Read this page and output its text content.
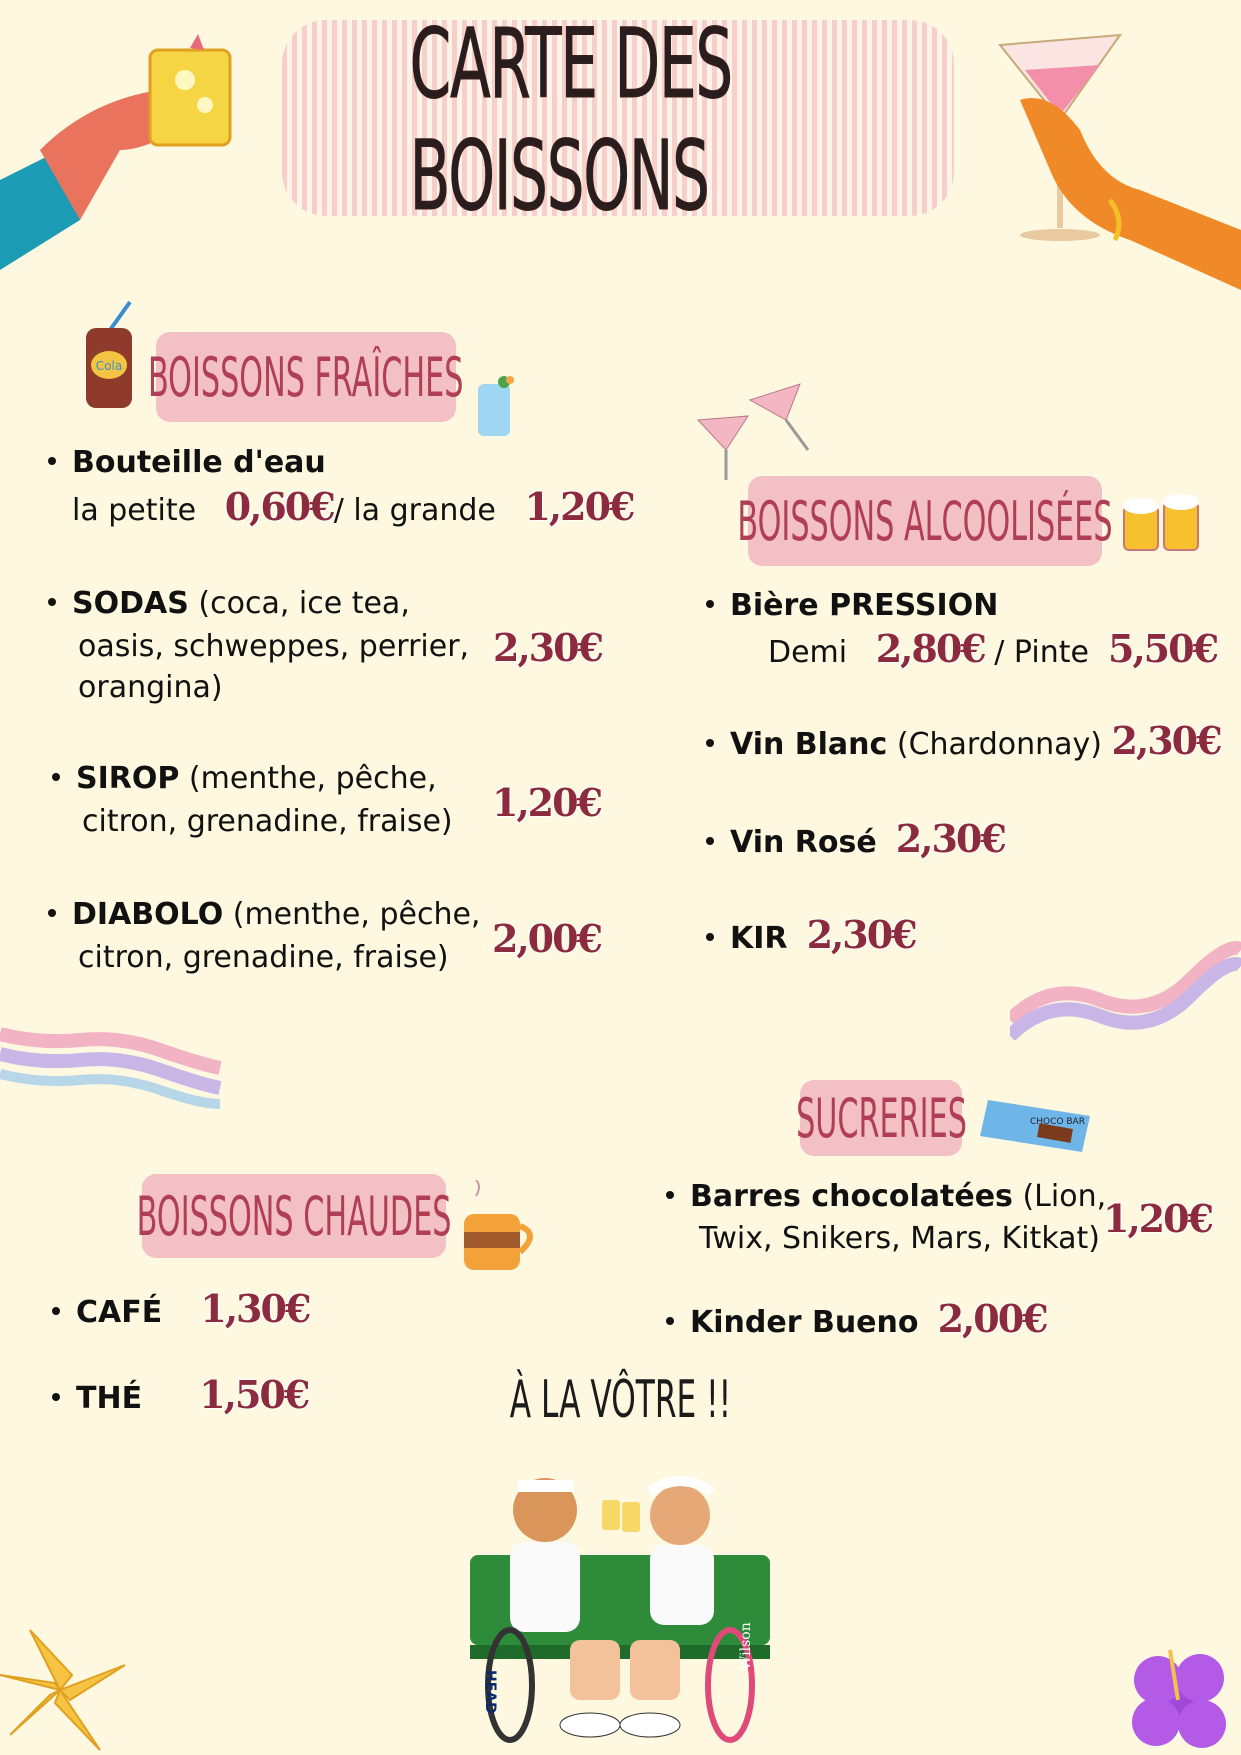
CARTE DES BOISSONS
Cola BOISSONS FRAÎCHES
Bouteille d'eau
la petite 0,60€/ la grande 1,20€
SODAS (coca, ice tea,
oasis, schweppes, perrier,
orangina)
2,30€
SIROP (menthe, pêche,
citron, grenadine, fraise) 1,20€
DIABOLO (menthe, pêche,
citron, grenadine, fraise) 2,00€
BOISSONS ALCOOLISÉES
Bière PRESSION
Demi 2,80€ / Pinte 5,50€
Vin Blanc (Chardonnay) 2,30€
Vin Rosé 2,30€
KIR 2,30€
SUCRERIES	CHOCO BAR
Barres chocolatées (Lion,
Twix, Snikers, Mars, Kitkat) 1,20€
Kinder Bueno 2,00€
BOISSONS CHAUDES
CAFÉ 1,30€
THÉ 1,50€	À LA VÔTRE !!
HEAD
Wilson
